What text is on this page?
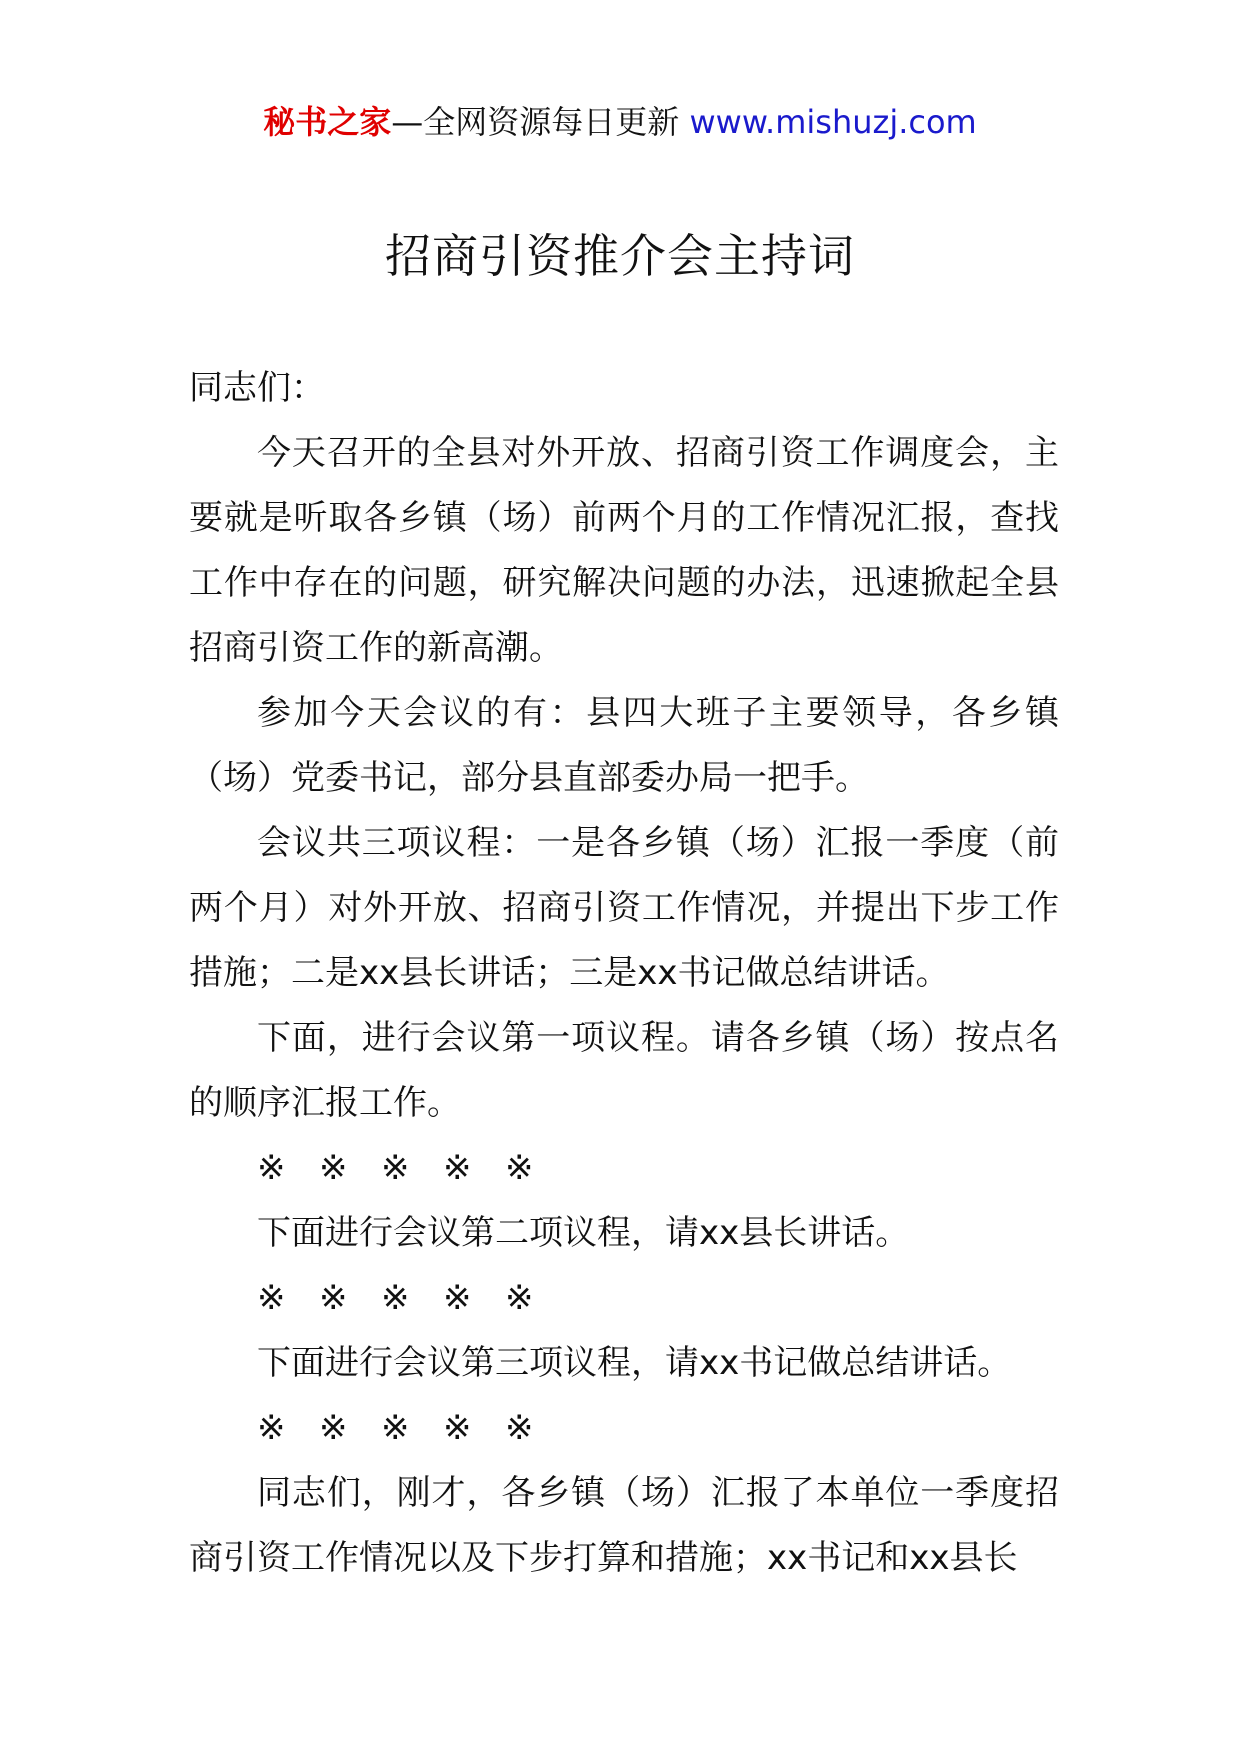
秘书之家—全网资源每日更新 www.mishuzj.com
招商引资推介会主持词

同志们：

今天召开的全县对外开放、招商引资工作调度会，主要就是听取各乡镇（场）前两个月的工作情况汇报，查找工作中存在的问题，研究解决问题的办法，迅速掀起全县招商引资工作的新高潮。

参加今天会议的有：县四大班子主要领导，各乡镇（场）党委书记，部分县直部委办局一把手。

会议共三项议程：一是各乡镇（场）汇报一季度（前两个月）对外开放、招商引资工作情况，并提出下步工作措施；二是xx县长讲话；三是xx书记做总结讲话。

下面，进行会议第一项议程。请各乡镇（场）按点名的顺序汇报工作。

※ ※ ※ ※ ※

下面进行会议第二项议程，请xx县长讲话。

※ ※ ※ ※ ※

下面进行会议第三项议程，请xx书记做总结讲话。

※ ※ ※ ※ ※

同志们，刚才，各乡镇（场）汇报了本单位一季度招商引资工作情况以及下步打算和措施；xx书记和xx县长
